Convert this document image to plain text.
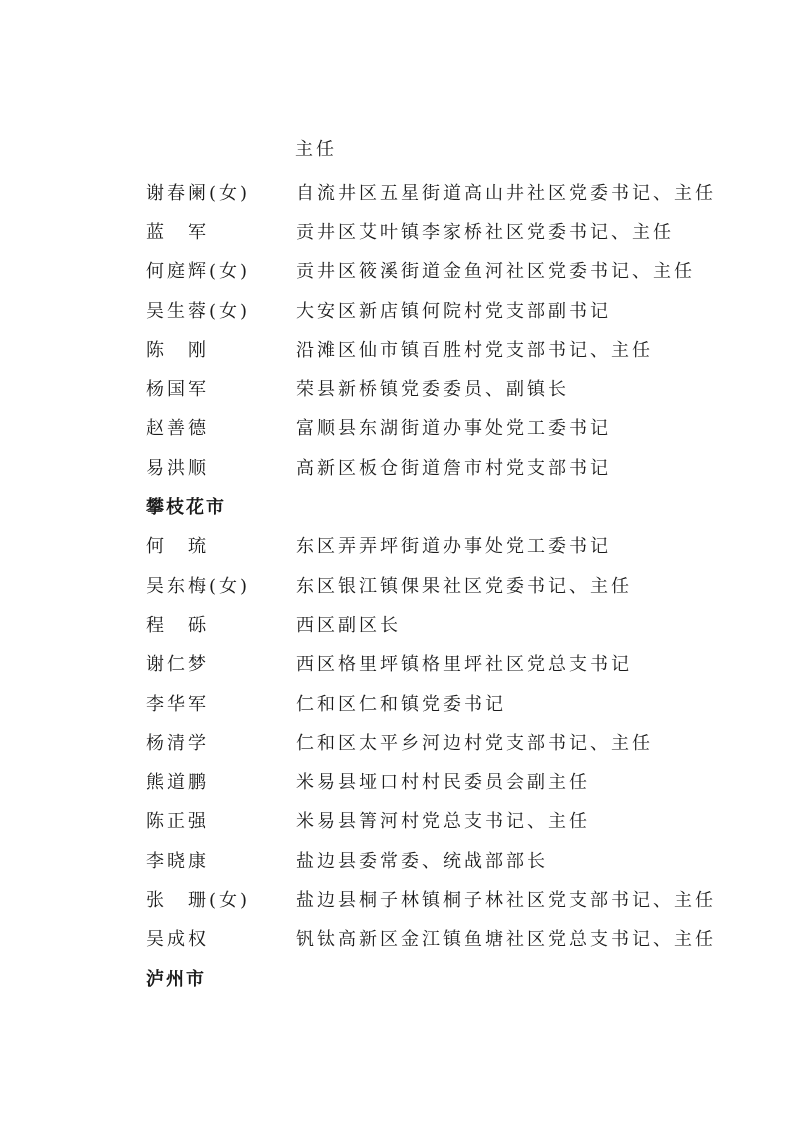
主任
谢春阑(女)	自流井区五星街道高山井社区党委书记、主任
蓝　军	贡井区艾叶镇李家桥社区党委书记、主任
何庭辉(女)	贡井区筱溪街道金鱼河社区党委书记、主任
吴生蓉(女)	大安区新店镇何院村党支部副书记
陈　刚	沿滩区仙市镇百胜村党支部书记、主任
杨国军	荣县新桥镇党委委员、副镇长
赵善德	富顺县东湖街道办事处党工委书记
易洪顺	高新区板仓街道詹市村党支部书记
攀枝花市
何　琉	东区弄弄坪街道办事处党工委书记
吴东梅(女)	东区银江镇倮果社区党委书记、主任
程　砾	西区副区长
谢仁梦	西区格里坪镇格里坪社区党总支书记
李华军	仁和区仁和镇党委书记
杨清学	仁和区太平乡河边村党支部书记、主任
熊道鹏	米易县垭口村村民委员会副主任
陈正强	米易县箐河村党总支书记、主任
李晓康	盐边县委常委、统战部部长
张　珊(女)	盐边县桐子林镇桐子林社区党支部书记、主任
吴成权	钒钛高新区金江镇鱼塘社区党总支书记、主任
泸州市
